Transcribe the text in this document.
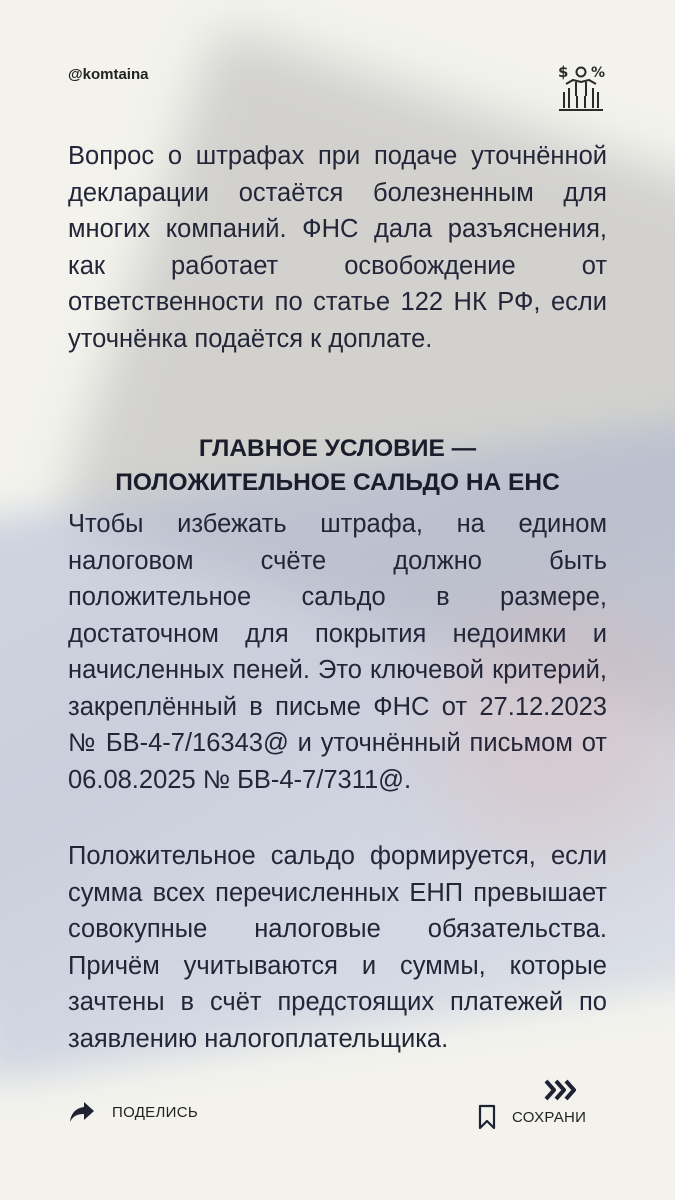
@komtaina	$ %

Вопрос о штрафах при подаче уточнённой декларации остаётся болезненным для многих компаний. ФНС дала разъяснения, как работает освобождение от ответственности по статье 122 НК РФ, если уточнёнка подаётся к доплате.

ГЛАВНОЕ УСЛОВИЕ —
ПОЛОЖИТЕЛЬНОЕ САЛЬДО НА ЕНС

Чтобы избежать штрафа, на едином налоговом счёте должно быть положительное сальдо в размере, достаточном для покрытия недоимки и начисленных пеней. Это ключевой критерий, закреплённый в письме ФНС от 27.12.2023 № БВ-4-7/16343@ и уточнённый письмом от 06.08.2025 № БВ-4-7/7311@.

Положительное сальдо формируется, если сумма всех перечисленных ЕНП превышает совокупные налоговые обязательства. Причём учитываются и суммы, которые зачтены в счёт предстоящих платежей по заявлению налогоплательщика.

ПОДЕЛИСЬ	СОХРАНИ
